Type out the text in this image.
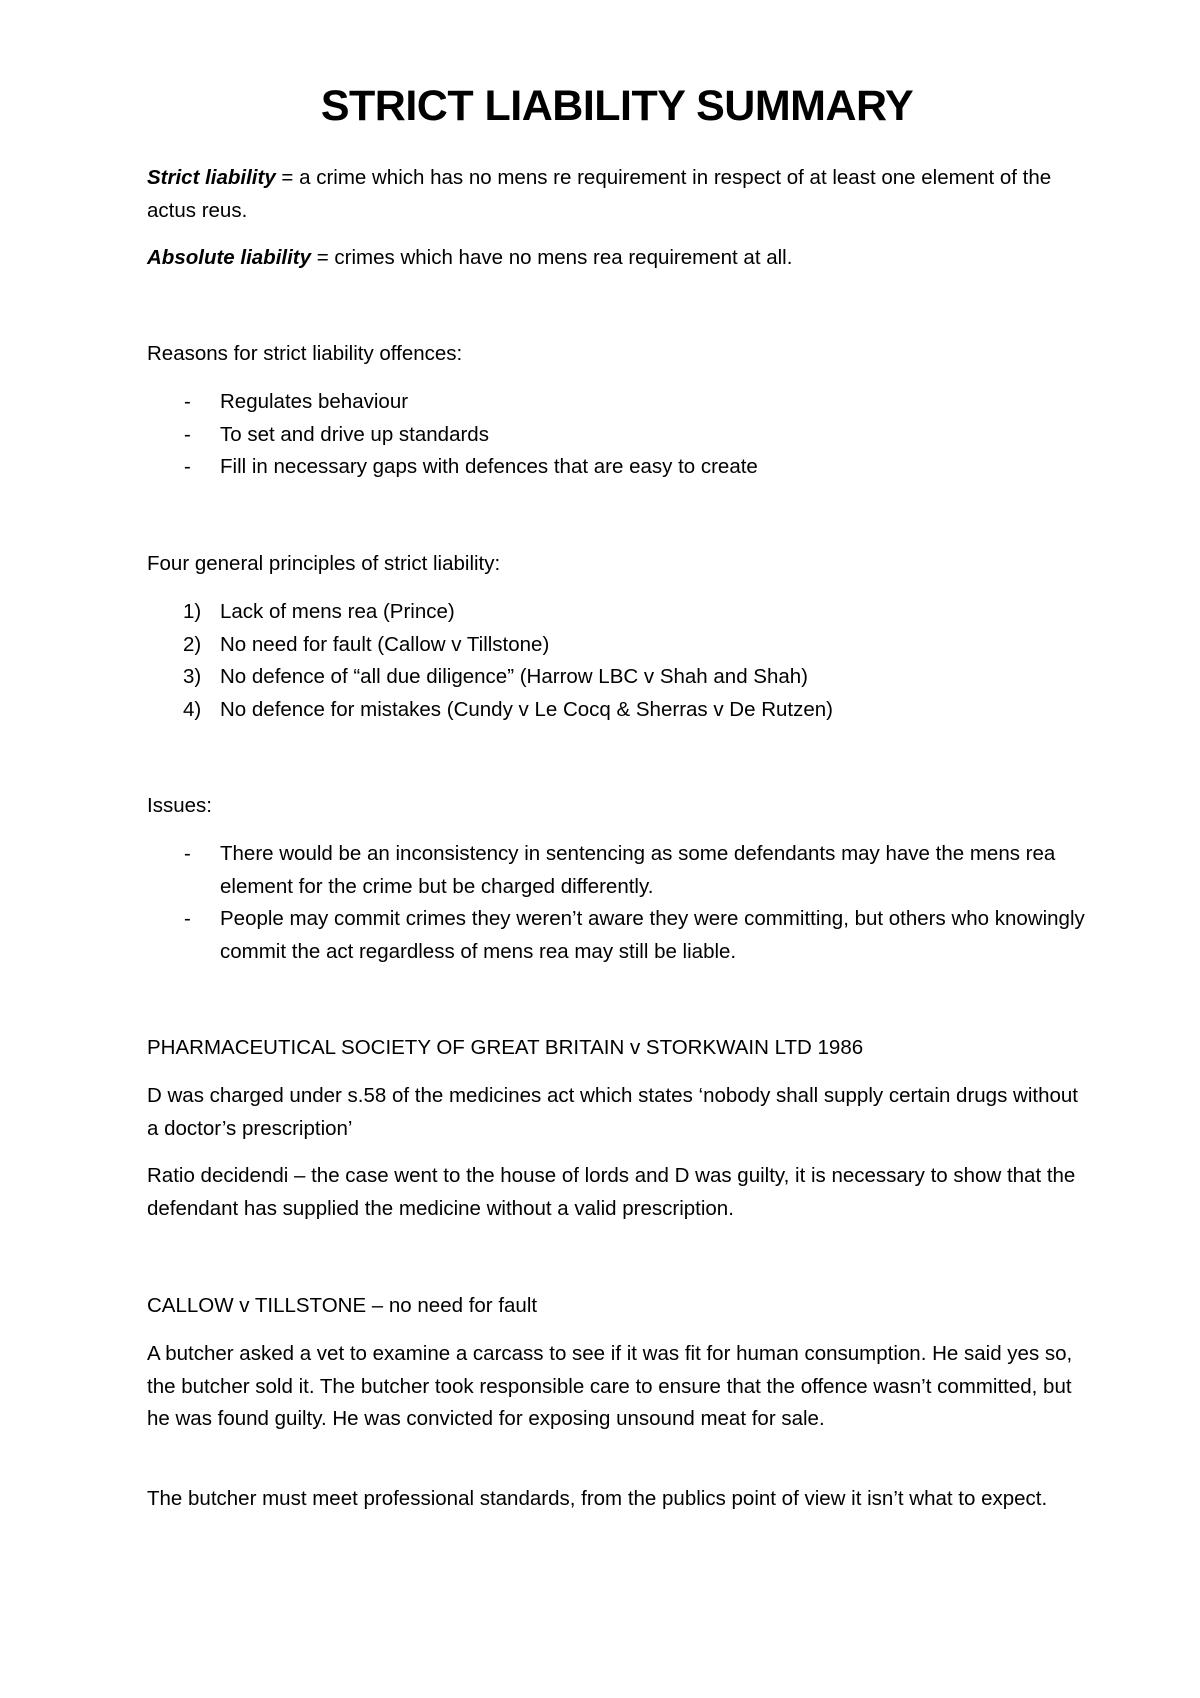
STRICT LIABILITY SUMMARY

Strict liability = a crime which has no mens re requirement in respect of at least one element of the actus reus.

Absolute liability = crimes which have no mens rea requirement at all.

Reasons for strict liability offences:

- Regulates behaviour
- To set and drive up standards
- Fill in necessary gaps with defences that are easy to create

Four general principles of strict liability:

1) Lack of mens rea (Prince)
2) No need for fault (Callow v Tillstone)
3) No defence of “all due diligence” (Harrow LBC v Shah and Shah)
4) No defence for mistakes (Cundy v Le Cocq & Sherras v De Rutzen)

Issues:

- There would be an inconsistency in sentencing as some defendants may have the mens rea element for the crime but be charged differently.
- People may commit crimes they weren’t aware they were committing, but others who knowingly commit the act regardless of mens rea may still be liable.

PHARMACEUTICAL SOCIETY OF GREAT BRITAIN v STORKWAIN LTD 1986

D was charged under s.58 of the medicines act which states ‘nobody shall supply certain drugs without a doctor’s prescription’

Ratio decidendi – the case went to the house of lords and D was guilty, it is necessary to show that the defendant has supplied the medicine without a valid prescription.

CALLOW v TILLSTONE – no need for fault

A butcher asked a vet to examine a carcass to see if it was fit for human consumption. He said yes so, the butcher sold it. The butcher took responsible care to ensure that the offence wasn’t committed, but he was found guilty. He was convicted for exposing unsound meat for sale.

The butcher must meet professional standards, from the publics point of view it isn’t what to expect.
